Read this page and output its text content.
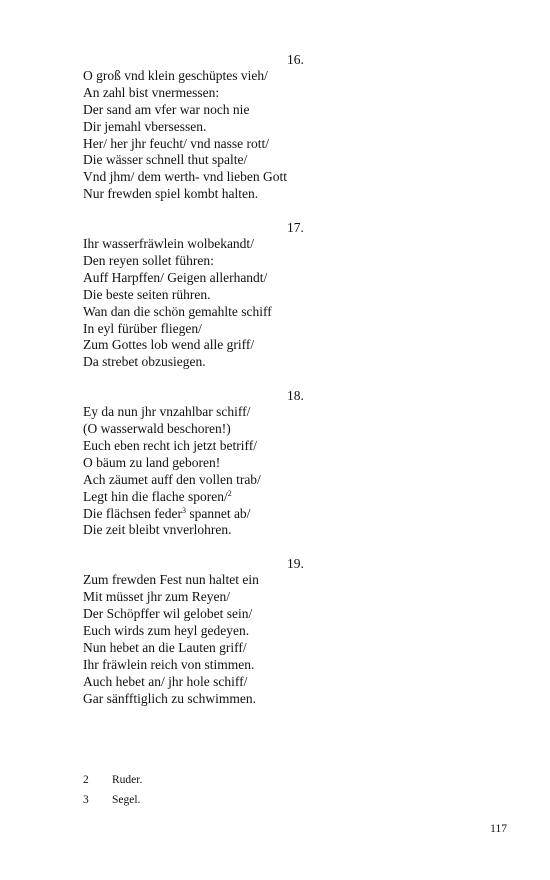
16.
O groß vnd klein geschüptes vieh/
An zahl bist vnermessen:
Der sand am vfer war noch nie
Dir jemahl vbersessen.
Her/ her jhr feucht/ vnd nasse rott/
Die wässer schnell thut spalte/
Vnd jhm/ dem werth- vnd lieben Gott
Nur frewden spiel kombt halten.
17.
Ihr wasserfräwlein wolbekandt/
Den reyen sollet führen:
Auff Harpffen/ Geigen allerhandt/
Die beste seiten rühren.
Wan dan die schön gemahlte schiff
In eyl fürüber fliegen/
Zum Gottes lob wend alle griff/
Da strebet obzusiegen.
18.
Ey da nun jhr vnzahlbar schiff/
(O wasserwald beschoren!)
Euch eben recht ich jetzt betriff/
O bäum zu land geboren!
Ach zäumet auff den vollen trab/
Legt hin die flache sporen/$^2$
Die flächsen feder$^3$ spannet ab/
Die zeit bleibt vnverlohren.
19.
Zum frewden Fest nun haltet ein
Mit müsset jhr zum Reyen/
Der Schöpffer wil gelobet sein/
Euch wirds zum heyl gedeyen.
Nun hebet an die Lauten griff/
Ihr fräwlein reich von stimmen.
Auch hebet an/ jhr hole schiff/
Gar sänfftiglich zu schwimmen.
2 Ruder.
3 Segel.
117
